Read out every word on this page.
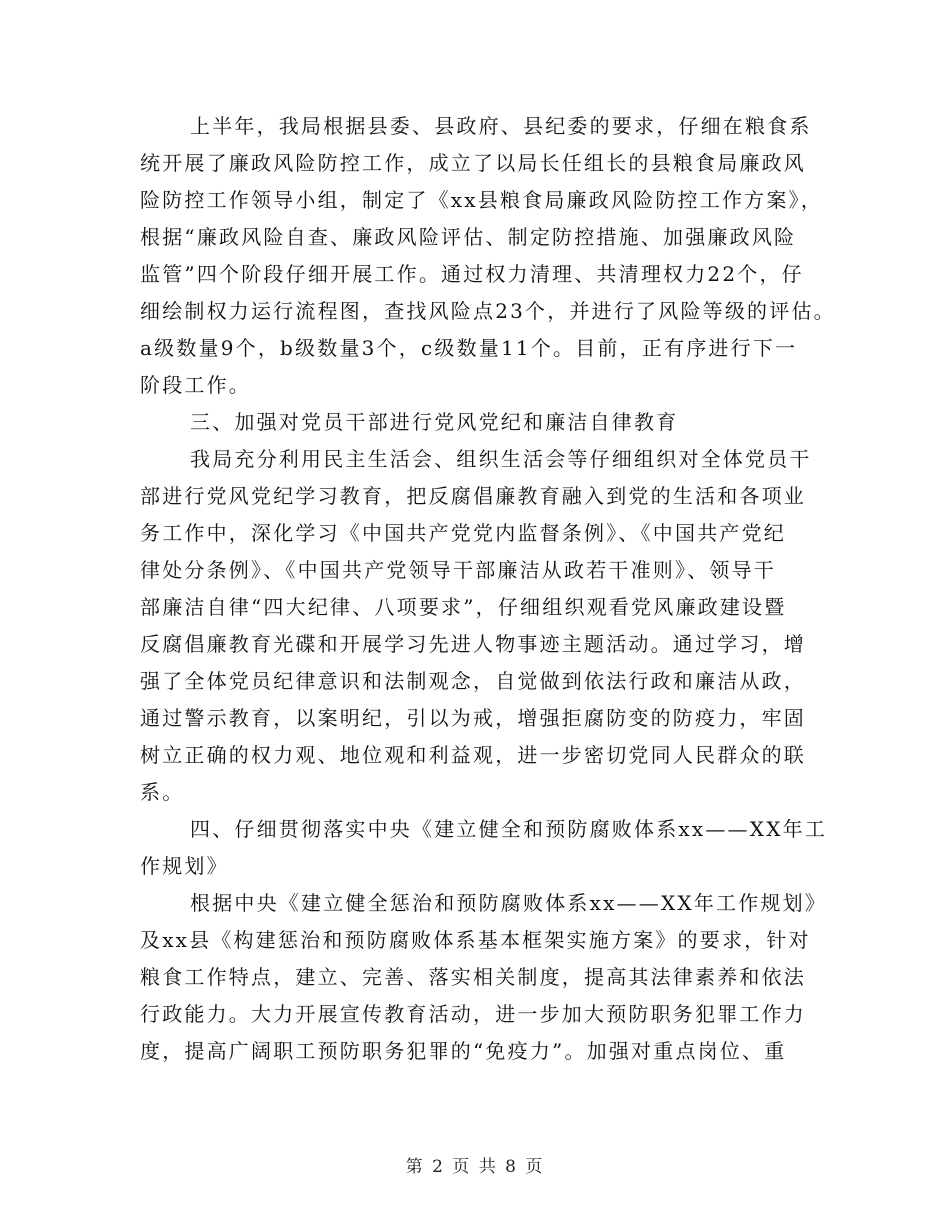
上半年，我局根据县委、县政府、县纪委的要求，仔细在粮食系
统开展了廉政风险防控工作，成立了以局长任组长的县粮食局廉政风
险防控工作领导小组，制定了《xx县粮食局廉政风险防控工作方案》，
根据“廉政风险自查、廉政风险评估、制定防控措施、加强廉政风险
监管”四个阶段仔细开展工作。通过权力清理、共清理权力22个，仔
细绘制权力运行流程图，查找风险点23个，并进行了风险等级的评估。
a级数量9个，b级数量3个，c级数量11个。目前，正有序进行下一
阶段工作。
三、加强对党员干部进行党风党纪和廉洁自律教育
我局充分利用民主生活会、组织生活会等仔细组织对全体党员干
部进行党风党纪学习教育，把反腐倡廉教育融入到党的生活和各项业
务工作中，深化学习《中国共产党党内监督条例》、《中国共产党纪
律处分条例》、《中国共产党领导干部廉洁从政若干准则》、领导干
部廉洁自律“四大纪律、八项要求”，仔细组织观看党风廉政建设暨
反腐倡廉教育光碟和开展学习先进人物事迹主题活动。通过学习，增
强了全体党员纪律意识和法制观念，自觉做到依法行政和廉洁从政，
通过警示教育，以案明纪，引以为戒，增强拒腐防变的防疫力，牢固
树立正确的权力观、地位观和利益观，进一步密切党同人民群众的联
系。
四、仔细贯彻落实中央《建立健全和预防腐败体系xx——XX年工
作规划》
根据中央《建立健全惩治和预防腐败体系xx——XX年工作规划》
及xx县《构建惩治和预防腐败体系基本框架实施方案》的要求，针对
粮食工作特点，建立、完善、落实相关制度，提高其法律素养和依法
行政能力。大力开展宣传教育活动，进一步加大预防职务犯罪工作力
度，提高广阔职工预防职务犯罪的“免疫力”。加强对重点岗位、重
第 2 页 共 8 页
